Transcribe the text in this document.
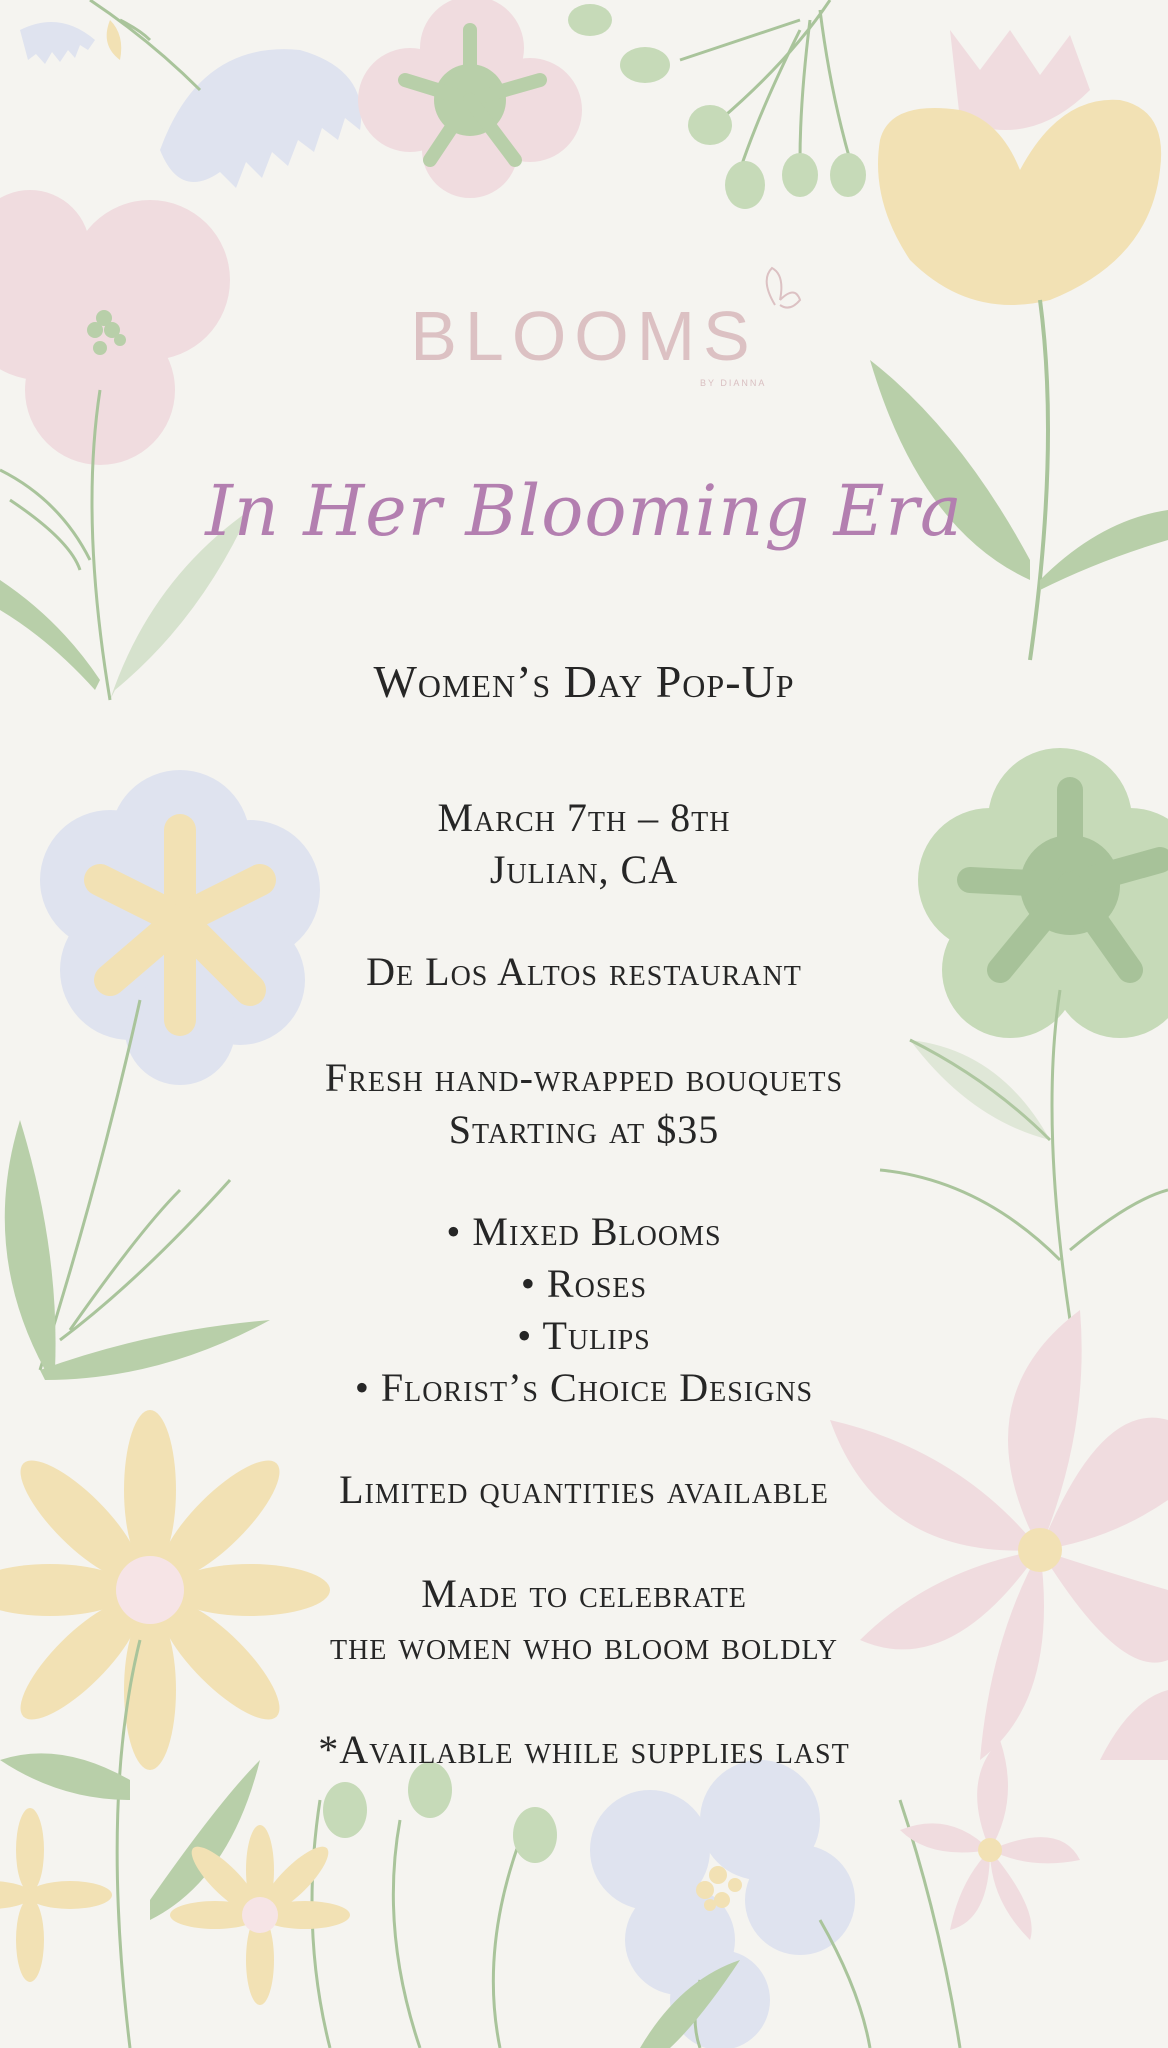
BLOOMS
BY DIANNA
In Her Blooming Era
Women’s Day Pop-Up
March 7th – 8th
Julian, CA
De Los Altos restaurant
Fresh hand-wrapped bouquets
Starting at $35
• Mixed Blooms
• Roses
• Tulips
• Florist’s Choice Designs
Limited quantities available
Made to celebrate
the women who bloom boldly
*Available while supplies last
